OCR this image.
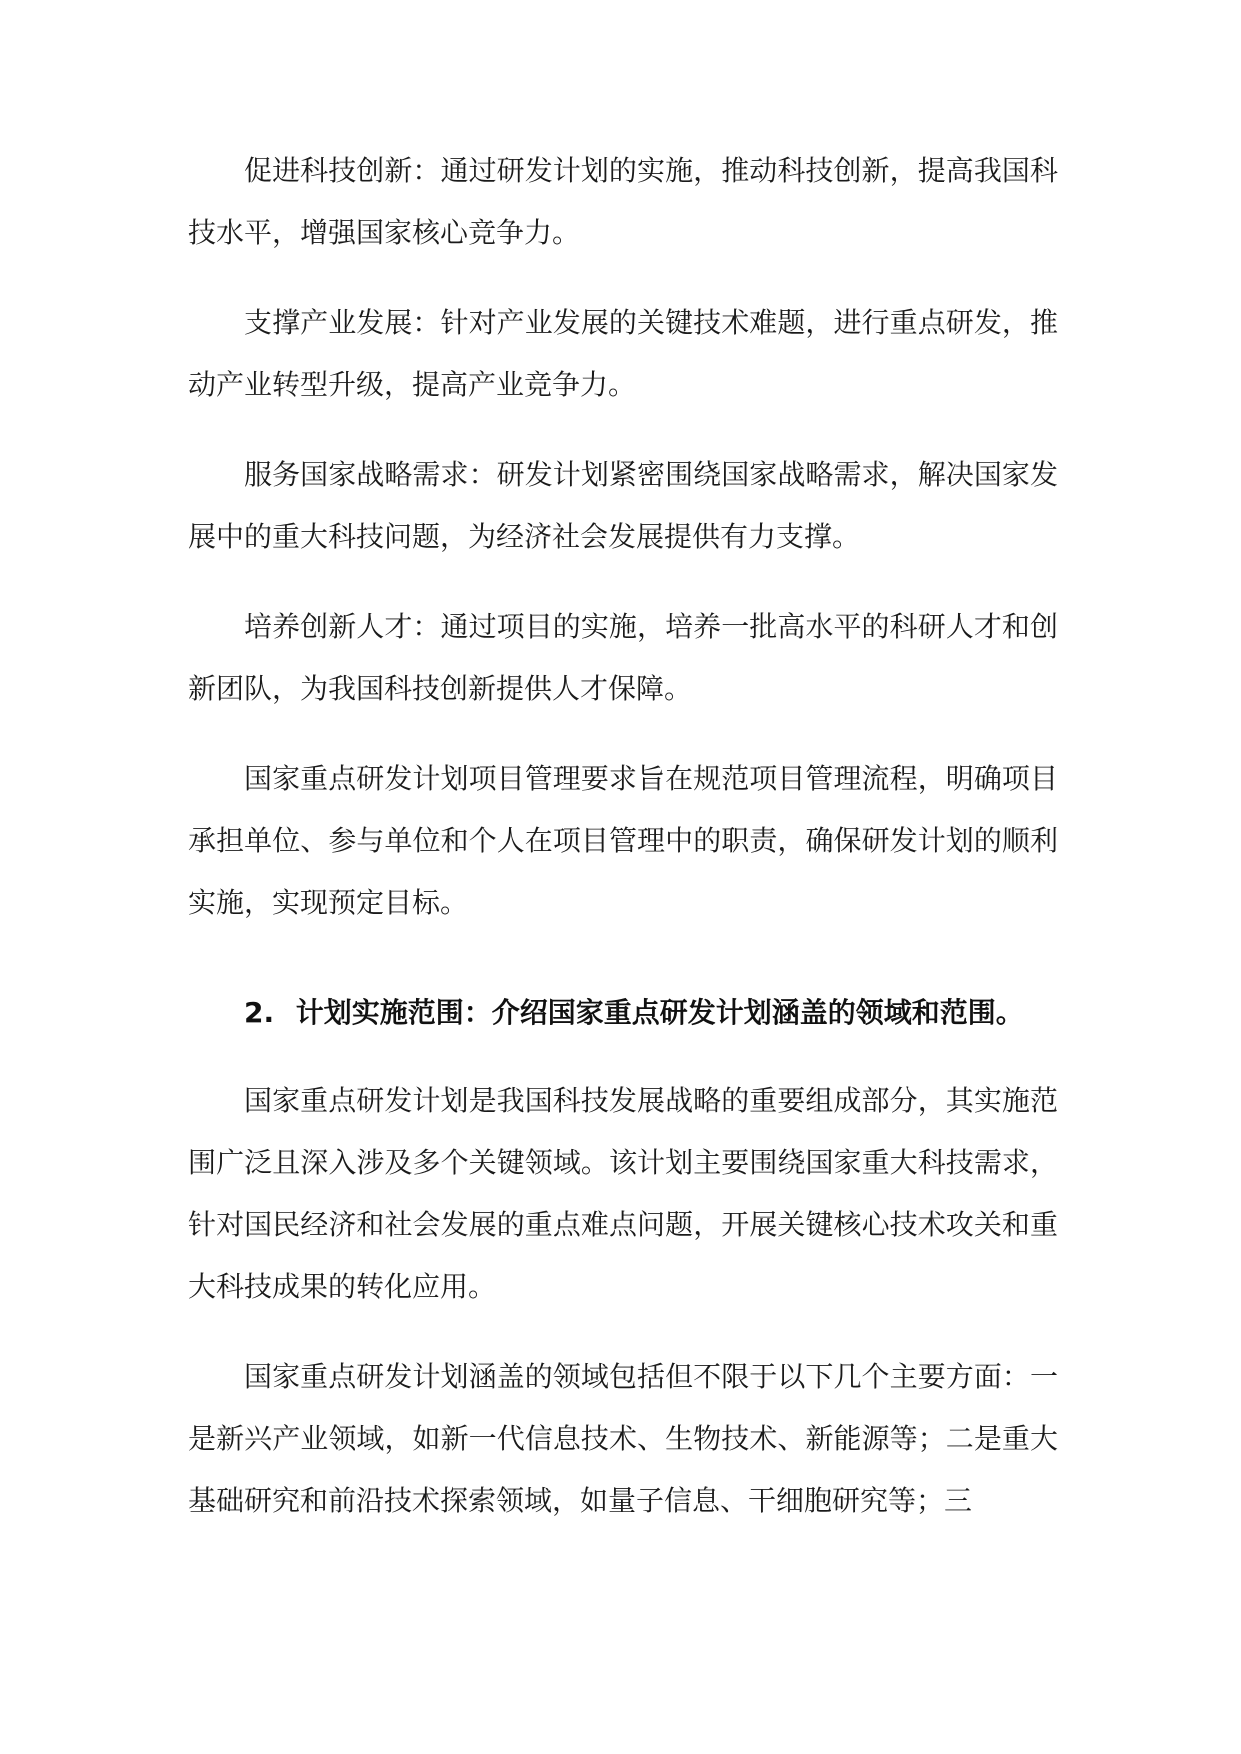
促进科技创新：通过研发计划的实施，推动科技创新，提高我国科技水平，增强国家核心竞争力。

支撑产业发展：针对产业发展的关键技术难题，进行重点研发，推动产业转型升级，提高产业竞争力。

服务国家战略需求：研发计划紧密围绕国家战略需求，解决国家发展中的重大科技问题，为经济社会发展提供有力支撑。

培养创新人才：通过项目的实施，培养一批高水平的科研人才和创新团队，为我国科技创新提供人才保障。

国家重点研发计划项目管理要求旨在规范项目管理流程，明确项目承担单位、参与单位和个人在项目管理中的职责，确保研发计划的顺利实施，实现预定目标。

2. 计划实施范围：介绍国家重点研发计划涵盖的领域和范围。

国家重点研发计划是我国科技发展战略的重要组成部分，其实施范围广泛且深入涉及多个关键领域。该计划主要围绕国家重大科技需求，针对国民经济和社会发展的重点难点问题，开展关键核心技术攻关和重大科技成果的转化应用。

国家重点研发计划涵盖的领域包括但不限于以下几个主要方面：一是新兴产业领域，如新一代信息技术、生物技术、新能源等；二是重大基础研究和前沿技术探索领域，如量子信息、干细胞研究等；三
